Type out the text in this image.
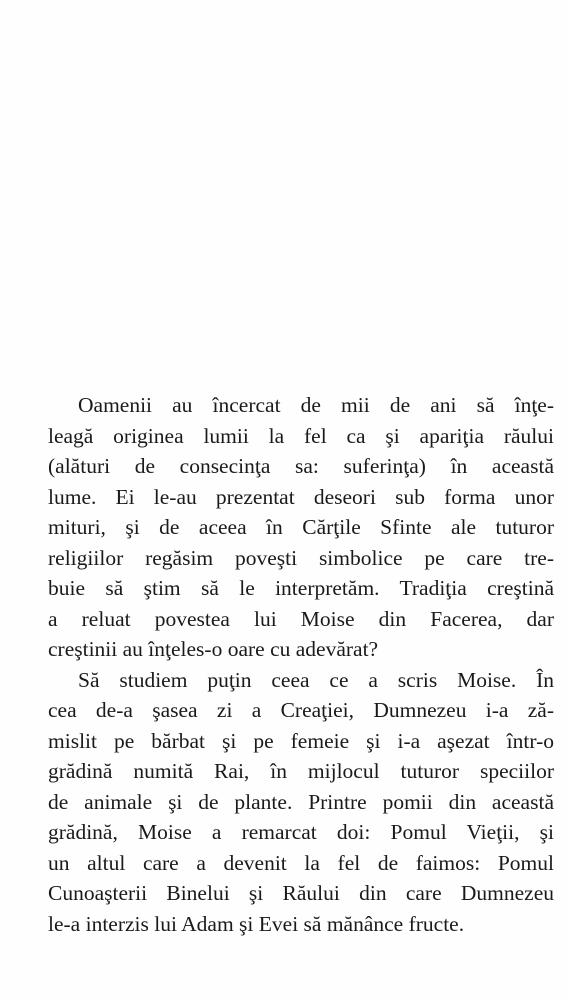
Oamenii au încercat de mii de ani să înţe-
leagă originea lumii la fel ca şi apariţia răului
(alături de consecinţa sa: suferinţa) în această
lume. Ei le-au prezentat deseori sub forma unor
mituri, şi de aceea în Cărţile Sfinte ale tuturor
religiilor regăsim poveşti simbolice pe care tre-
buie să ştim să le interpretăm. Tradiţia creştină
a reluat povestea lui Moise din Facerea, dar
creştinii au înţeles-o oare cu adevărat?
Să studiem puţin ceea ce a scris Moise. În
cea de-a şasea zi a Creaţiei, Dumnezeu i-a ză-
mislit pe bărbat şi pe femeie şi i-a aşezat într-o
grădină numită Rai, în mijlocul tuturor speciilor
de animale şi de plante. Printre pomii din această
grădină, Moise a remarcat doi: Pomul Vieţii, şi
un altul care a devenit la fel de faimos: Pomul
Cunoaşterii Binelui şi Răului din care Dumnezeu
le-a interzis lui Adam şi Evei să mănânce fructe.
